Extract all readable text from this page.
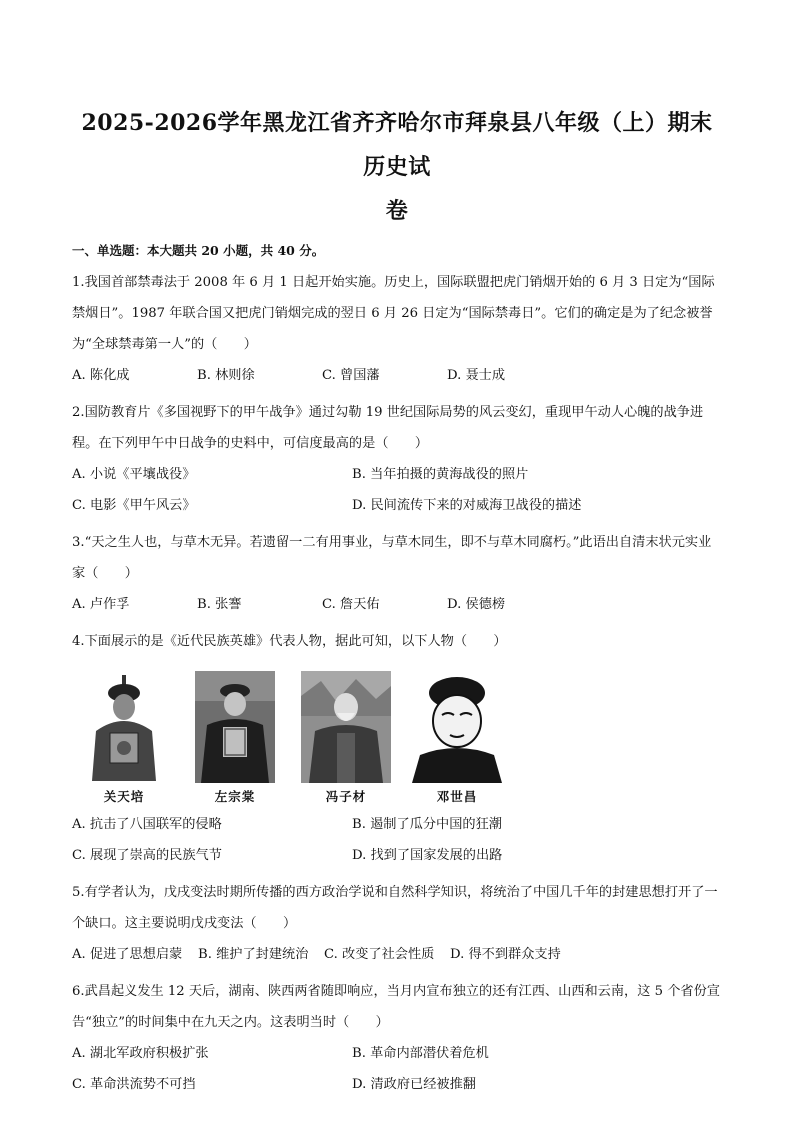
2025-2026学年黑龙江省齐齐哈尔市拜泉县八年级（上）期末历史试
卷
一、单选题：本大题共 20 小题，共 40 分。
1.我国首部禁毒法于 2008 年 6 月 1 日起开始实施。历史上，国际联盟把虎门销烟开始的 6 月 3 日定为“国际禁烟日”。1987 年联合国又把虎门销烟完成的翌日 6 月 26 日定为“国际禁毒日”。它们的确定是为了纪念被誉为“全球禁毒第一人”的（　　）
A. 陈化成	B. 林则徐	C. 曾国藩	D. 聂士成
2.国防教育片《多国视野下的甲午战争》通过勾勒 19 世纪国际局势的风云变幻，重现甲午动人心魄的战争进程。在下列甲午中日战争的史料中，可信度最高的是（　　）
A. 小说《平壤战役》	B. 当年拍摄的黄海战役的照片
C. 电影《甲午风云》	D. 民间流传下来的对威海卫战役的描述
3.“天之生人也，与草木无异。若遗留一二有用事业，与草木同生，即不与草木同腐朽。”此语出自清末状元实业家（　　）
A. 卢作孚	B. 张謇	C. 詹天佑	D. 侯德榜
4.下面展示的是《近代民族英雄》代表人物，据此可知，以下人物（　　）
关天培	左宗棠	冯子材	邓世昌
A. 抗击了八国联军的侵略	B. 遏制了瓜分中国的狂潮
C. 展现了崇高的民族气节	D. 找到了国家发展的出路
5.有学者认为，戊戌变法时期所传播的西方政治学说和自然科学知识，将统治了中国几千年的封建思想打开了一个缺口。这主要说明戊戌变法（　　）
A. 促进了思想启蒙	B. 维护了封建统治	C. 改变了社会性质	D. 得不到群众支持
6.武昌起义发生 12 天后，湖南、陕西两省随即响应，当月内宣布独立的还有江西、山西和云南，这 5 个省份宣告“独立”的时间集中在九天之内。这表明当时（　　）
A. 湖北军政府积极扩张	B. 革命内部潜伏着危机
C. 革命洪流势不可挡	D. 清政府已经被推翻
